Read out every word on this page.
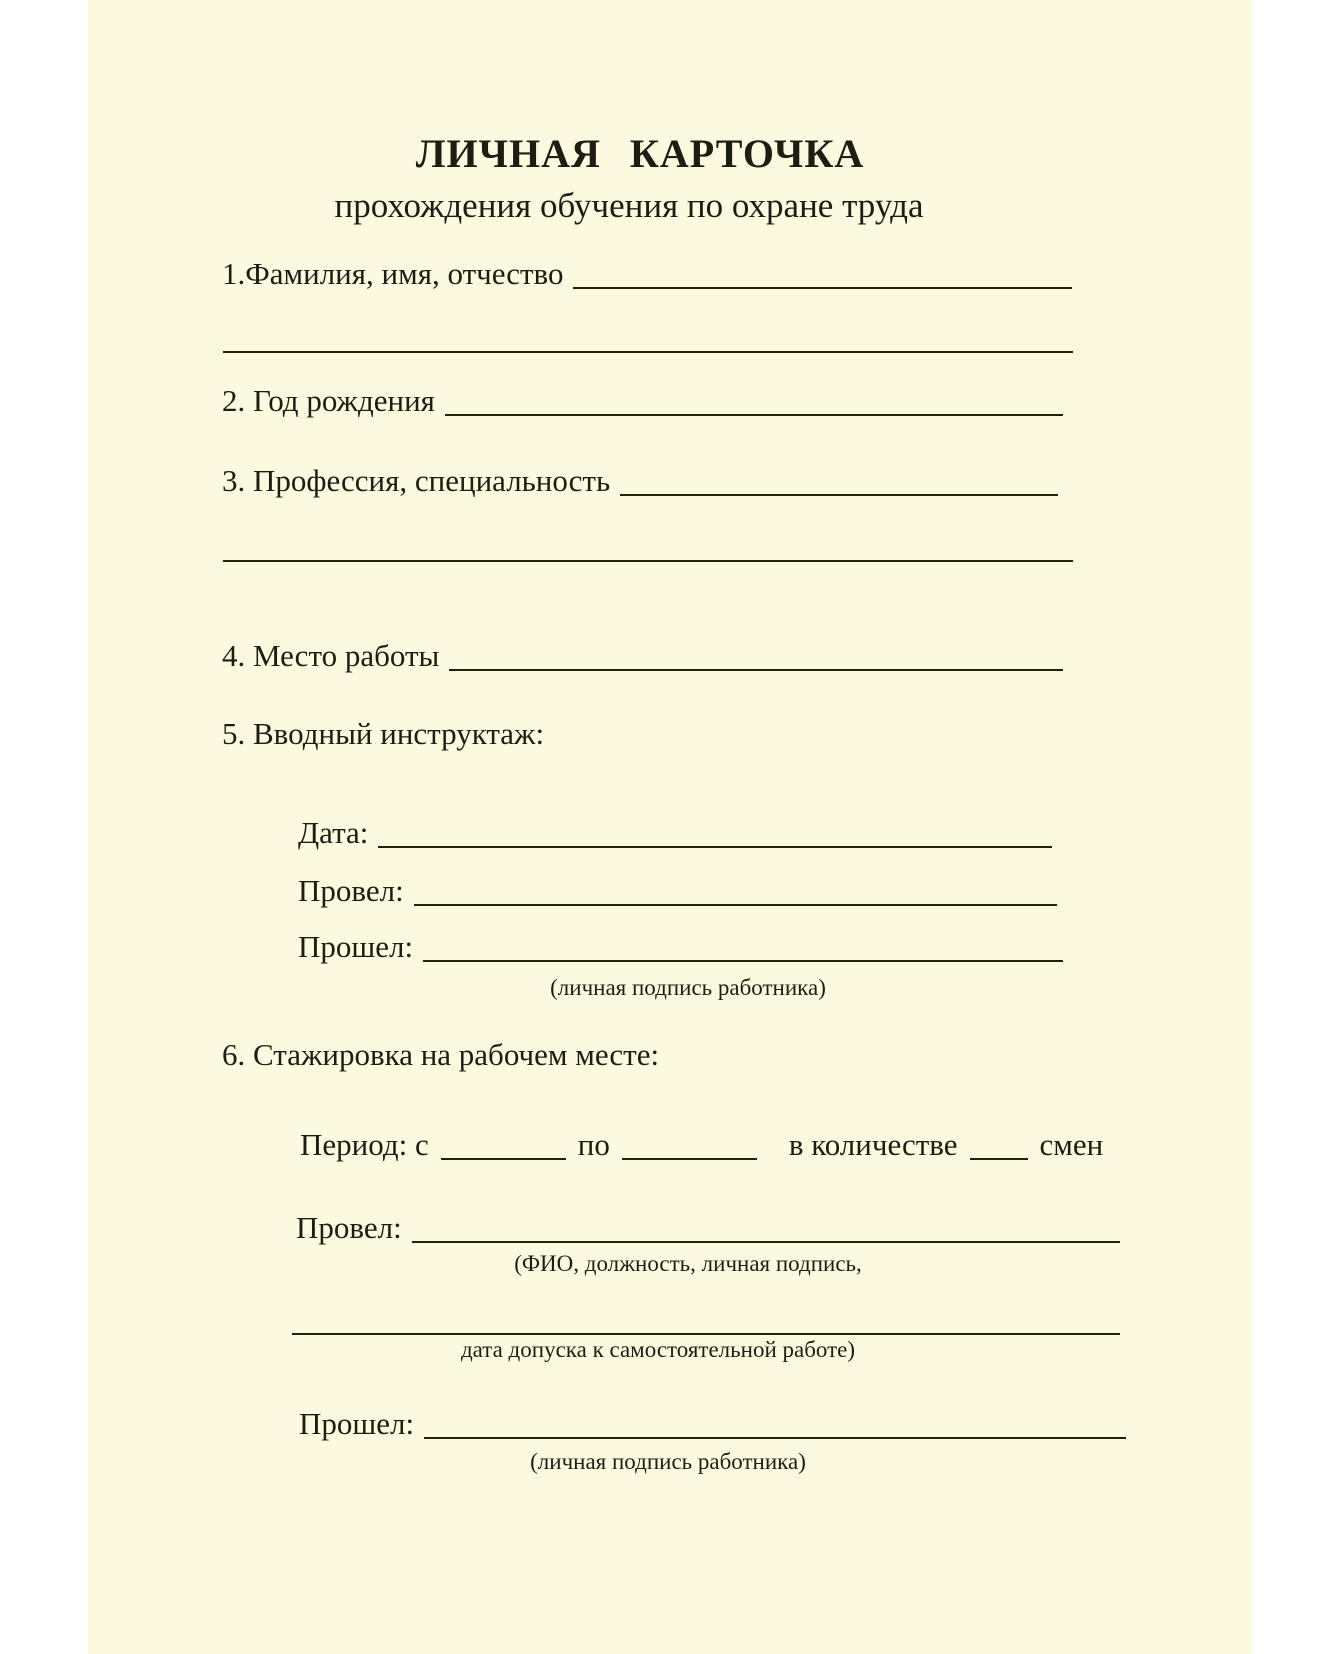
ЛИЧНАЯ КАРТОЧКА
прохождения обучения по охране труда
1.Фамилия, имя, отчество
2. Год рождения
3. Профессия, специальность
4. Место работы
5. Вводный инструктаж:
Дата:
Провел:
Прошел:
(личная подпись работника)
6. Стажировка на рабочем месте:
Период: с	по	в количестве	смен
Провел:
(ФИО, должность, личная подпись,
дата допуска к самостоятельной работе)
Прошел:
(личная подпись работника)
